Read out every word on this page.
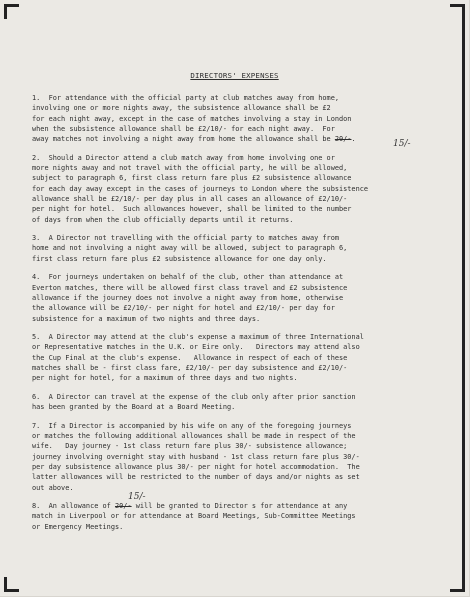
DIRECTORS' EXPENSES
1.  For attendance with the official party at club matches away from home,
involving one or more nights away, the subsistence allowance shall be £2
for each night away, except in the case of matches involving a stay in London
when the subsistence allowance shall be £2/10/- for each night away.  For
away matches not involving a night away from home the allowance shall be 20/-.
2.  Should a Director attend a club match away from home involving one or
more nights away and not travel with the official party, he will be allowed,
subject to paragraph 6, first class return fare plus £2 subsistence allowance
for each day away except in the cases of journeys to London where the subsistence
allowance shall be £2/10/- per day plus in all cases an allowance of £2/10/-
per night for hotel.  Such allowances however, shall be limited to the number
of days from when the club officially departs until it returns.
3.  A Director not travelling with the official party to matches away from
home and not involving a night away will be allowed, subject to paragraph 6,
first class return fare plus £2 subsistence allowance for one day only.
4.  For journeys undertaken on behalf of the club, other than attendance at
Everton matches, there will be allowed first class travel and £2 subsistence
allowance if the journey does not involve a night away from home, otherwise
the allowance will be £2/10/- per night for hotel and £2/10/- per day for
subsistence for a maximum of two nights and three days.
5.  A Director may attend at the club's expense a maximum of three International
or Representative matches in the U.K. or Eire only.   Directors may attend also
the Cup Final at the club's expense.   Allowance in respect of each of these
matches shall be - first class fare, £2/10/- per day subsistence and £2/10/-
per night for hotel, for a maximum of three days and two nights.
6.  A Director can travel at the expense of the club only after prior sanction
has been granted by the Board at a Board Meeting.
7.  If a Director is accompanied by his wife on any of the foregoing journeys
or matches the following additional allowances shall be made in respect of the
wife.   Day journey - 1st class return fare plus 30/- subsistence allowance;
journey involving overnight stay with husband - 1st class return fare plus 30/-
per day subsistence allowance plus 30/- per night for hotel accommodation.  The
latter allowances will be restricted to the number of days and/or nights as set
out above.
8.  An allowance of 20/- will be granted to Director s for attendance at any
match in Liverpool or for attendance at Board Meetings, Sub-Committee Meetings
or Emergency Meetings.
15/-
15/-
